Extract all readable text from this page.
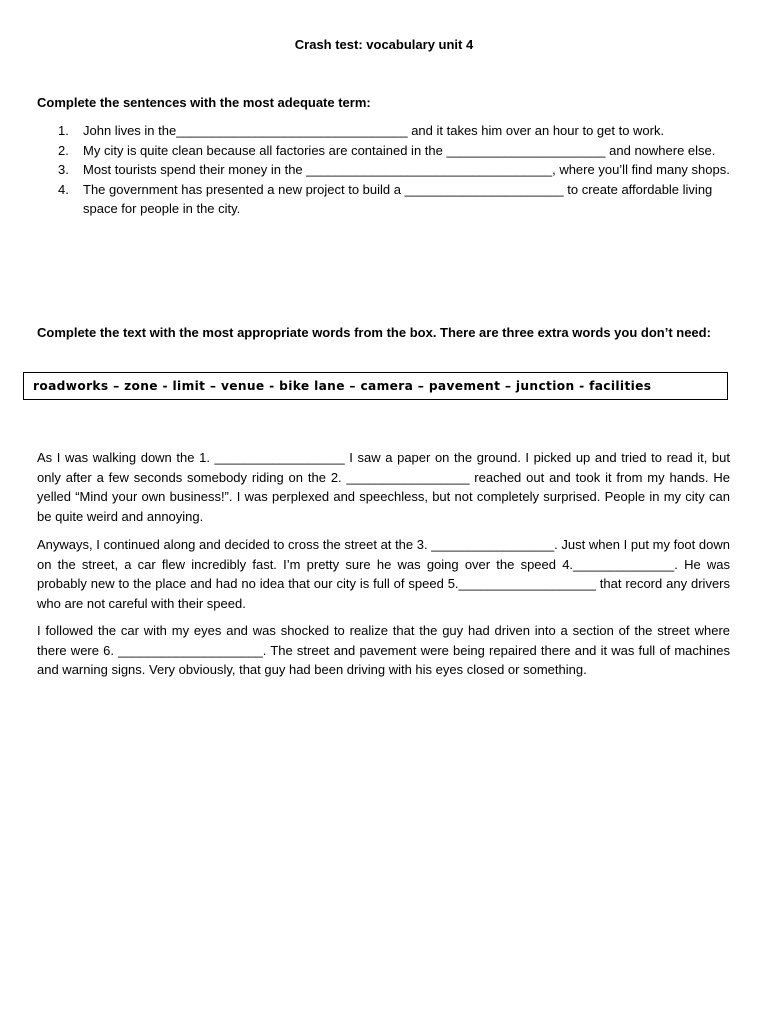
Crash test: vocabulary unit 4
Complete the sentences with the most adequate term:
1. John lives in the________________________________ and it takes him over an hour to get to work.
2. My city is quite clean because all factories are contained in the ______________________ and nowhere else.
3. Most tourists spend their money in the __________________________________, where you’ll find many shops.
4. The government has presented a new project to build a ______________________ to create affordable living space for people in the city.
Complete the text with the most appropriate words from the box. There are three extra words you don’t need:
roadworks – zone - limit – venue - bike lane – camera – pavement – junction - facilities

As I was walking down the 1. __________________ I saw a paper on the ground. I picked up and tried to read it, but only after a few seconds somebody riding on the 2. _________________ reached out and took it from my hands. He yelled “Mind your own business!”. I was perplexed and speechless, but not completely surprised. People in my city can be quite weird and annoying.

Anyways, I continued along and decided to cross the street at the 3. _________________. Just when I put my foot down on the street, a car flew incredibly fast. I’m pretty sure he was going over the speed 4.______________. He was probably new to the place and had no idea that our city is full of speed 5.___________________ that record any drivers who are not careful with their speed.

I followed the car with my eyes and was shocked to realize that the guy had driven into a section of the street where there were 6. ____________________. The street and pavement were being repaired there and it was full of machines and warning signs. Very obviously, that guy had been driving with his eyes closed or something.
